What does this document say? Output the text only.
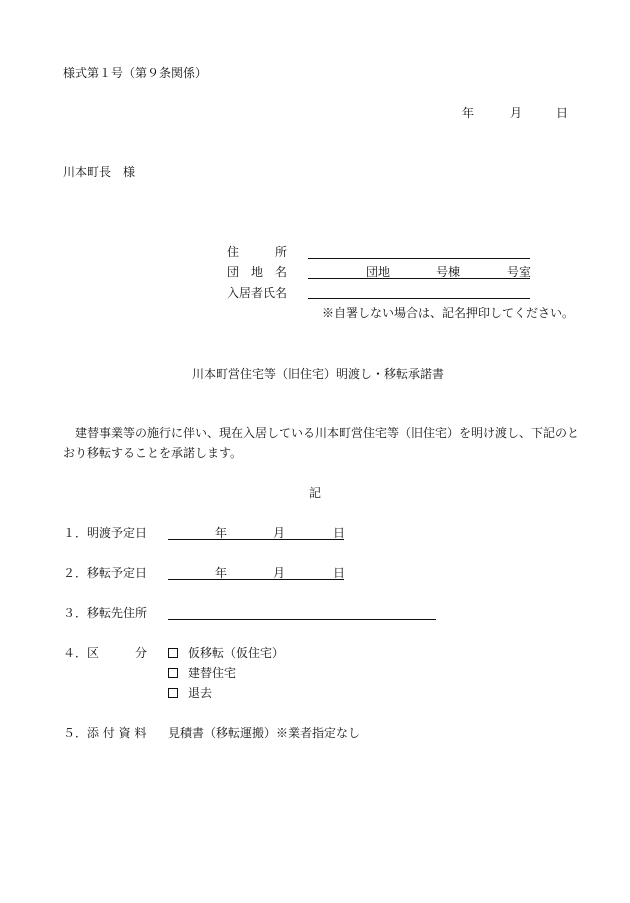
様式第１号（第９条関係）
年	月	日
川本町長　様
住　　　所
団　地　名	団地	号棟	号室
入居者氏名
※自署しない場合は、記名押印してください。
川本町営住宅等（旧住宅）明渡し・移転承諾書
　建替事業等の施行に伴い、現在入居している川本町営住宅等（旧住宅）を明け渡し、下記のと
おり移転することを承諾します。
記
１．明渡予定日	年	月	日
２．移転予定日	年	月	日
３．移転先住所
４．区　　　分	仮移転（仮住宅）
建替住宅
退去
５．添 付 資 料 見積書（移転運搬）※業者指定なし
